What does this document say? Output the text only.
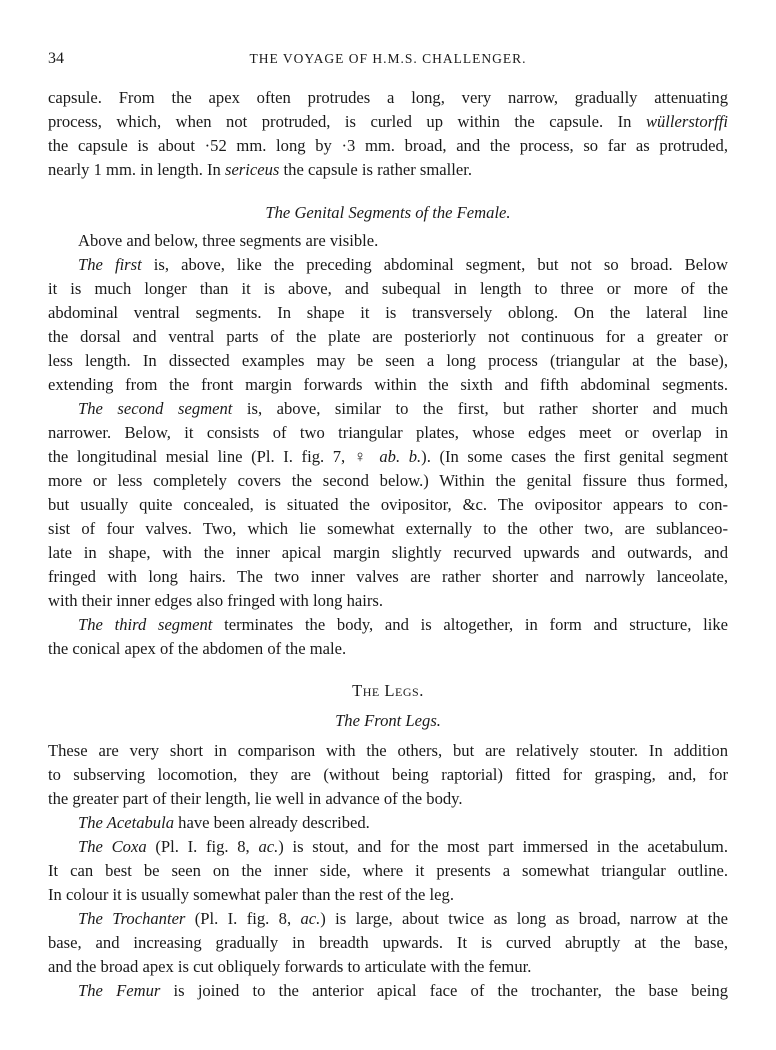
34	THE VOYAGE OF H.M.S. CHALLENGER.
capsule. From the apex often protrudes a long, very narrow, gradually attenuating
process, which, when not protruded, is curled up within the capsule. In wüllerstorffi
the capsule is about ·52 mm. long by ·3 mm. broad, and the process, so far as protruded,
nearly 1 mm. in length. In sericeus the capsule is rather smaller.
The Genital Segments of the Female.
Above and below, three segments are visible.
The first is, above, like the preceding abdominal segment, but not so broad. Below
it is much longer than it is above, and subequal in length to three or more of the
abdominal ventral segments. In shape it is transversely oblong. On the lateral line
the dorsal and ventral parts of the plate are posteriorly not continuous for a greater or
less length. In dissected examples may be seen a long process (triangular at the base),
extending from the front margin forwards within the sixth and fifth abdominal segments.
The second segment is, above, similar to the first, but rather shorter and much
narrower. Below, it consists of two triangular plates, whose edges meet or overlap in
the longitudinal mesial line (Pl. I. fig. 7, ♀ ab. b.). (In some cases the first genital segment
more or less completely covers the second below.) Within the genital fissure thus formed,
but usually quite concealed, is situated the ovipositor, &c. The ovipositor appears to con-
sist of four valves. Two, which lie somewhat externally to the other two, are sublanceo-
late in shape, with the inner apical margin slightly recurved upwards and outwards, and
fringed with long hairs. The two inner valves are rather shorter and narrowly lanceolate,
with their inner edges also fringed with long hairs.
The third segment terminates the body, and is altogether, in form and structure, like
the conical apex of the abdomen of the male.
The Legs.
The Front Legs.
These are very short in comparison with the others, but are relatively stouter. In addition
to subserving locomotion, they are (without being raptorial) fitted for grasping, and, for
the greater part of their length, lie well in advance of the body.
The Acetabula have been already described.
The Coxa (Pl. I. fig. 8, ac.) is stout, and for the most part immersed in the acetabulum.
It can best be seen on the inner side, where it presents a somewhat triangular outline.
In colour it is usually somewhat paler than the rest of the leg.
The Trochanter (Pl. I. fig. 8, ac.) is large, about twice as long as broad, narrow at the
base, and increasing gradually in breadth upwards. It is curved abruptly at the base,
and the broad apex is cut obliquely forwards to articulate with the femur.
The Femur is joined to the anterior apical face of the trochanter, the base being
